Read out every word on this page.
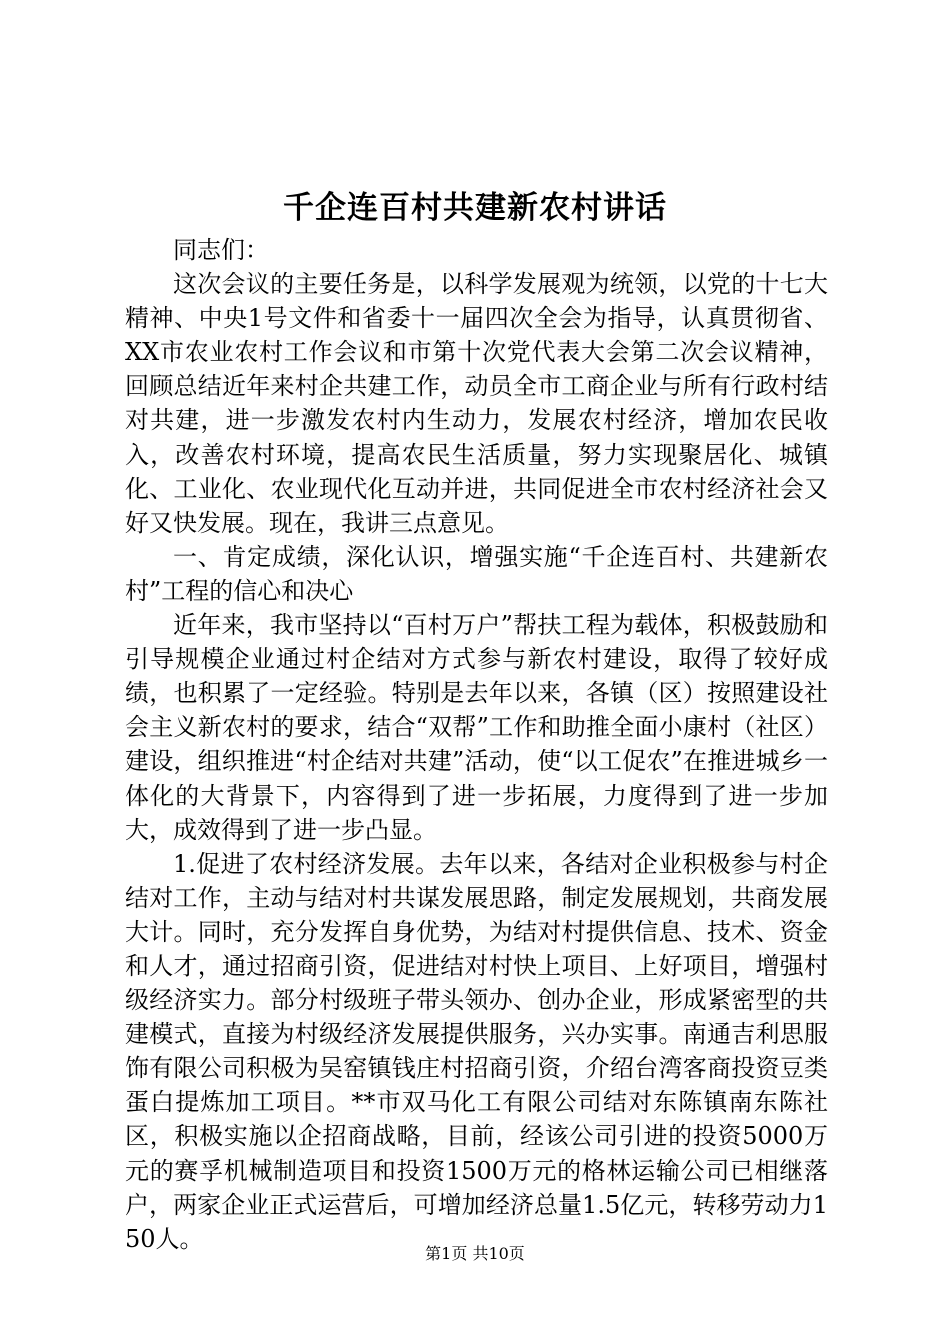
千企连百村共建新农村讲话

同志们：

这次会议的主要任务是，以科学发展观为统领，以党的十七大精神、中央1号文件和省委十一届四次全会为指导，认真贯彻省、XX市农业农村工作会议和市第十次党代表大会第二次会议精神，回顾总结近年来村企共建工作，动员全市工商企业与所有行政村结对共建，进一步激发农村内生动力，发展农村经济，增加农民收入，改善农村环境，提高农民生活质量，努力实现聚居化、城镇化、工业化、农业现代化互动并进，共同促进全市农村经济社会又好又快发展。现在，我讲三点意见。

一、肯定成绩，深化认识，增强实施“千企连百村、共建新农村”工程的信心和决心

近年来，我市坚持以“百村万户”帮扶工程为载体，积极鼓励和引导规模企业通过村企结对方式参与新农村建设，取得了较好成绩，也积累了一定经验。特别是去年以来，各镇（区）按照建设社会主义新农村的要求，结合“双帮”工作和助推全面小康村（社区）建设，组织推进“村企结对共建”活动，使“以工促农”在推进城乡一体化的大背景下，内容得到了进一步拓展，力度得到了进一步加大，成效得到了进一步凸显。

1.促进了农村经济发展。去年以来，各结对企业积极参与村企结对工作，主动与结对村共谋发展思路，制定发展规划，共商发展大计。同时，充分发挥自身优势，为结对村提供信息、技术、资金和人才，通过招商引资，促进结对村快上项目、上好项目，增强村级经济实力。部分村级班子带头领办、创办企业，形成紧密型的共建模式，直接为村级经济发展提供服务，兴办实事。南通吉利思服饰有限公司积极为吴窑镇钱庄村招商引资，介绍台湾客商投资豆类蛋白提炼加工项目。**市双马化工有限公司结对东陈镇南东陈社区，积极实施以企招商战略，目前，经该公司引进的投资5000万元的赛孚机械制造项目和投资1500万元的格林运输公司已相继落户，两家企业正式运营后，可增加经济总量1.5亿元，转移劳动力150人。

第1页 共10页
